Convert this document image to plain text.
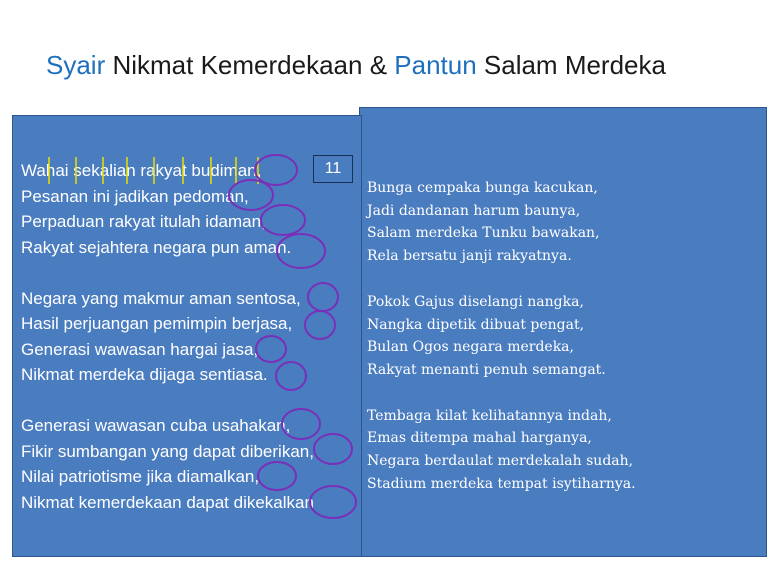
Syair Nikmat Kemerdekaan & Pantun Salam Merdeka
Wahai sekalian rakyat budiman,
Pesanan ini jadikan pedoman,
Perpaduan rakyat itulah idaman,
Rakyat sejahtera negara pun aman.
Negara yang makmur aman sentosa,
Hasil perjuangan pemimpin berjasa,
Generasi wawasan hargai jasa,
Nikmat merdeka dijaga sentiasa.
Generasi wawasan cuba usahakan,
Fikir sumbangan yang dapat diberikan,
Nilai patriotisme jika diamalkan,
Nikmat kemerdekaan dapat dikekalkan
11
Bunga cempaka bunga kacukan,
Jadi dandanan harum baunya,
Salam merdeka Tunku bawakan,
Rela bersatu janji rakyatnya.
Pokok Gajus diselangi nangka,
Nangka dipetik dibuat pengat,
Bulan Ogos negara merdeka,
Rakyat menanti penuh semangat.
Tembaga kilat kelihatannya indah,
Emas ditempa mahal harganya,
Negara berdaulat merdekalah sudah,
Stadium merdeka tempat isytiharnya.
